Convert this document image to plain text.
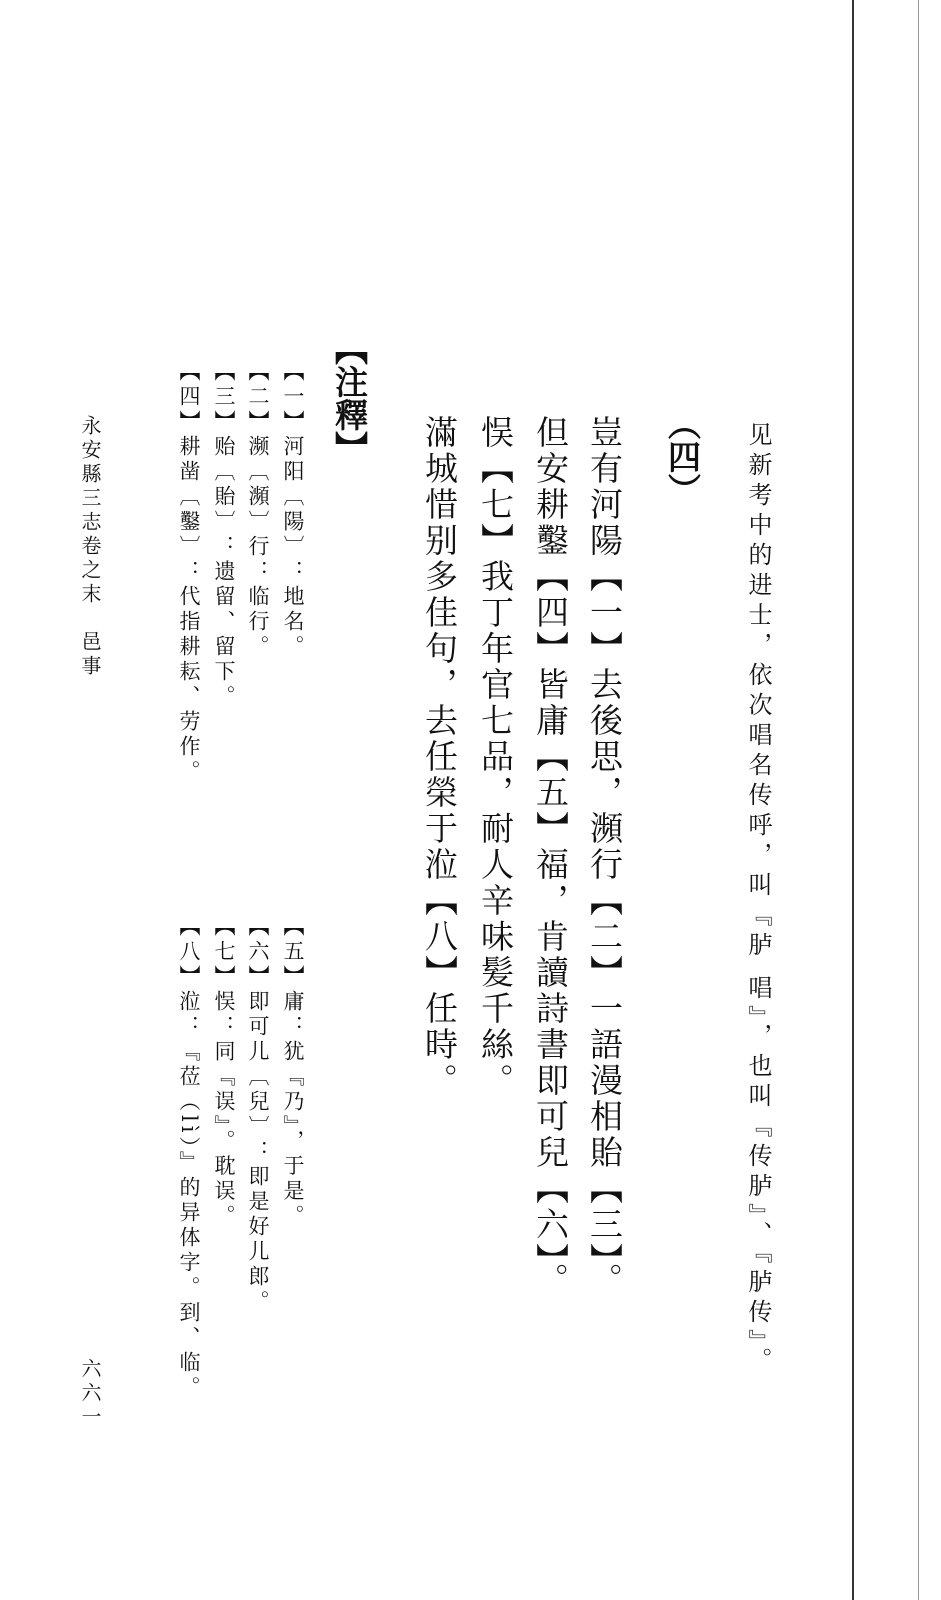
见新考中的进士，依次唱名传呼，叫『胪
唱』，也叫『传胪』、『胪传』。
（四）
豈有河陽【一】去後思，瀕行【二】一語漫相貽【三】。
但安耕鑿【四】皆庸【五】福，肯讀詩書即可兒【六】。
悮【七】我丁年官七品，耐人辛味髪千絲。
滿城惜别多佳句，去任榮于涖【八】任時。
【注釋】
【一】河阳〔陽〕：地名。
【二】濒〔瀕〕行：临行。
【三】贻〔貽〕：遗留、留下。
【四】耕凿〔鑿〕：代指耕耘、劳作。
【五】庸：犹『乃』，于是。
【六】即可儿〔兒〕：即是好儿郎。
【七】悮：同『误』。耽误。
【八】涖：『莅（lì）』的异体字。到、临。
永安縣三志卷之末　邑事
六六一
